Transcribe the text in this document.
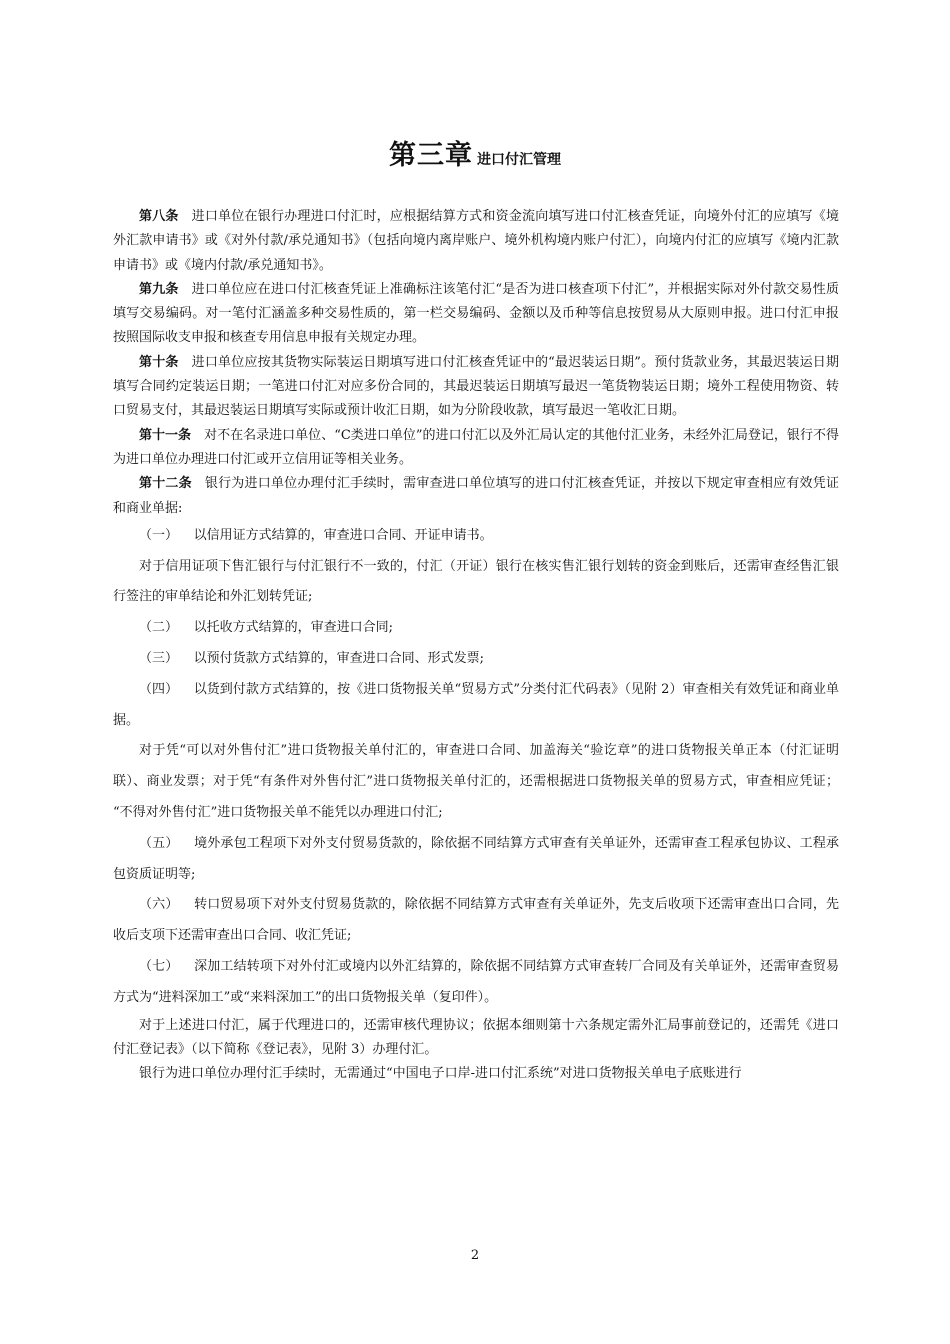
第三章 进口付汇管理

第八条 进口单位在银行办理进口付汇时，应根据结算方式和资金流向填写进口付汇核查凭证，向境外付汇的应填写《境外汇款申请书》或《对外付款/承兑通知书》（包括向境内离岸账户、境外机构境内账户付汇），向境内付汇的应填写《境内汇款申请书》或《境内付款/承兑通知书》。

第九条 进口单位应在进口付汇核查凭证上准确标注该笔付汇“是否为进口核查项下付汇”，并根据实际对外付款交易性质填写交易编码。对一笔付汇涵盖多种交易性质的，第一栏交易编码、金额以及币种等信息按贸易从大原则申报。进口付汇申报按照国际收支申报和核查专用信息申报有关规定办理。

第十条 进口单位应按其货物实际装运日期填写进口付汇核查凭证中的“最迟装运日期”。预付货款业务，其最迟装运日期填写合同约定装运日期；一笔进口付汇对应多份合同的，其最迟装运日期填写最迟一笔货物装运日期；境外工程使用物资、转口贸易支付，其最迟装运日期填写实际或预计收汇日期，如为分阶段收款，填写最迟一笔收汇日期。

第十一条 对不在名录进口单位、“C类进口单位”的进口付汇以及外汇局认定的其他付汇业务，未经外汇局登记，银行不得为进口单位办理进口付汇或开立信用证等相关业务。

第十二条 银行为进口单位办理付汇手续时，需审查进口单位填写的进口付汇核查凭证，并按以下规定审查相应有效凭证和商业单据:

（一） 以信用证方式结算的，审查进口合同、开证申请书。

对于信用证项下售汇银行与付汇银行不一致的，付汇（开证）银行在核实售汇银行划转的资金到账后，还需审查经售汇银行签注的审单结论和外汇划转凭证;

（二） 以托收方式结算的，审查进口合同;

（三） 以预付货款方式结算的，审查进口合同、形式发票;

（四） 以货到付款方式结算的，按《进口货物报关单“贸易方式”分类付汇代码表》（见附 2）审查相关有效凭证和商业单据。

对于凭“可以对外售付汇”进口货物报关单付汇的，审查进口合同、加盖海关“验讫章”的进口货物报关单正本（付汇证明联）、商业发票；对于凭“有条件对外售付汇”进口货物报关单付汇的，还需根据进口货物报关单的贸易方式，审查相应凭证； “不得对外售付汇”进口货物报关单不能凭以办理进口付汇;

（五） 境外承包工程项下对外支付贸易货款的，除依据不同结算方式审查有关单证外，还需审查工程承包协议、工程承包资质证明等;

（六） 转口贸易项下对外支付贸易货款的，除依据不同结算方式审查有关单证外，先支后收项下还需审查出口合同，先收后支项下还需审查出口合同、收汇凭证;

（七） 深加工结转项下对外付汇或境内以外汇结算的，除依据不同结算方式审查转厂合同及有关单证外，还需审查贸易方式为“进料深加工”或“来料深加工”的出口货物报关单（复印件）。

对于上述进口付汇，属于代理进口的，还需审核代理协议；依据本细则第十六条规定需外汇局事前登记的，还需凭《进口付汇登记表》（以下简称《登记表》，见附 3）办理付汇。

银行为进口单位办理付汇手续时，无需通过“中国电子口岸-进口付汇系统”对进口货物报关单电子底账进行

2
